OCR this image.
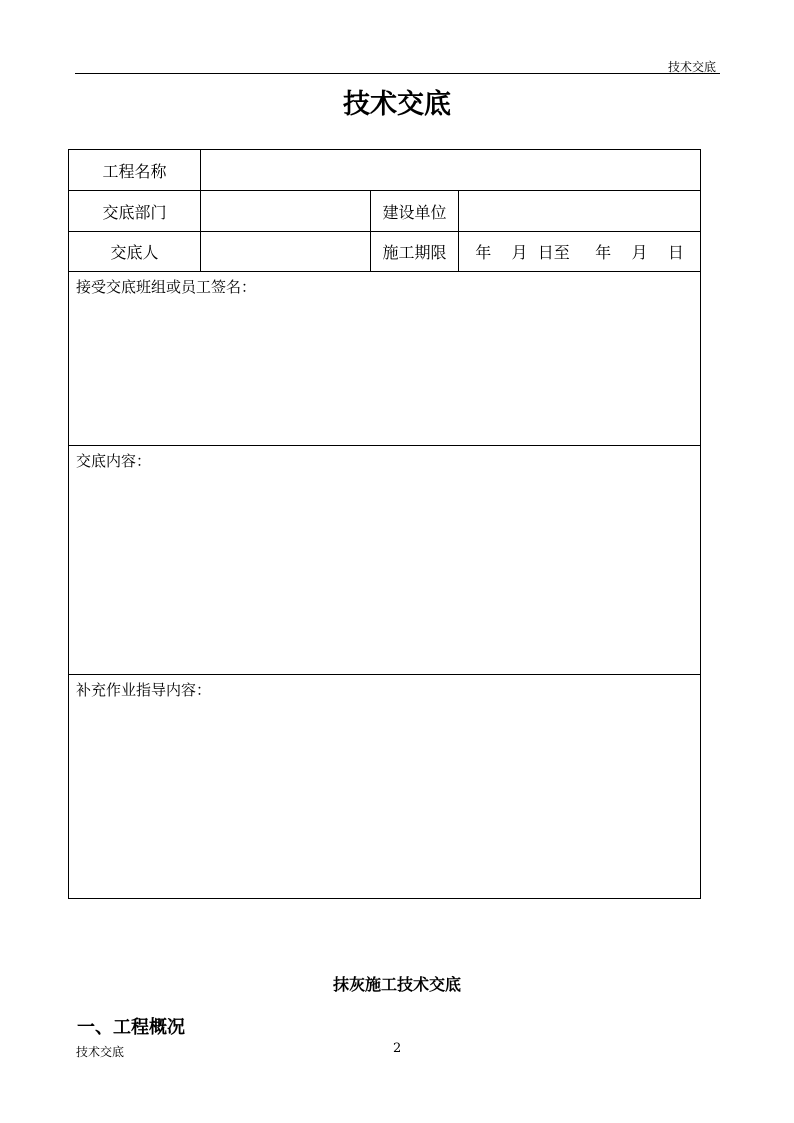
技术交底
技术交底
工程名称			
交底部门		建设单位	
交底人		施工期限	年    月  日至     年    月    日
接受交底班组或员工签名：			
交底内容：			
补充作业指导内容：			
抹灰施工技术交底
一、工程概况
技术交底	2
